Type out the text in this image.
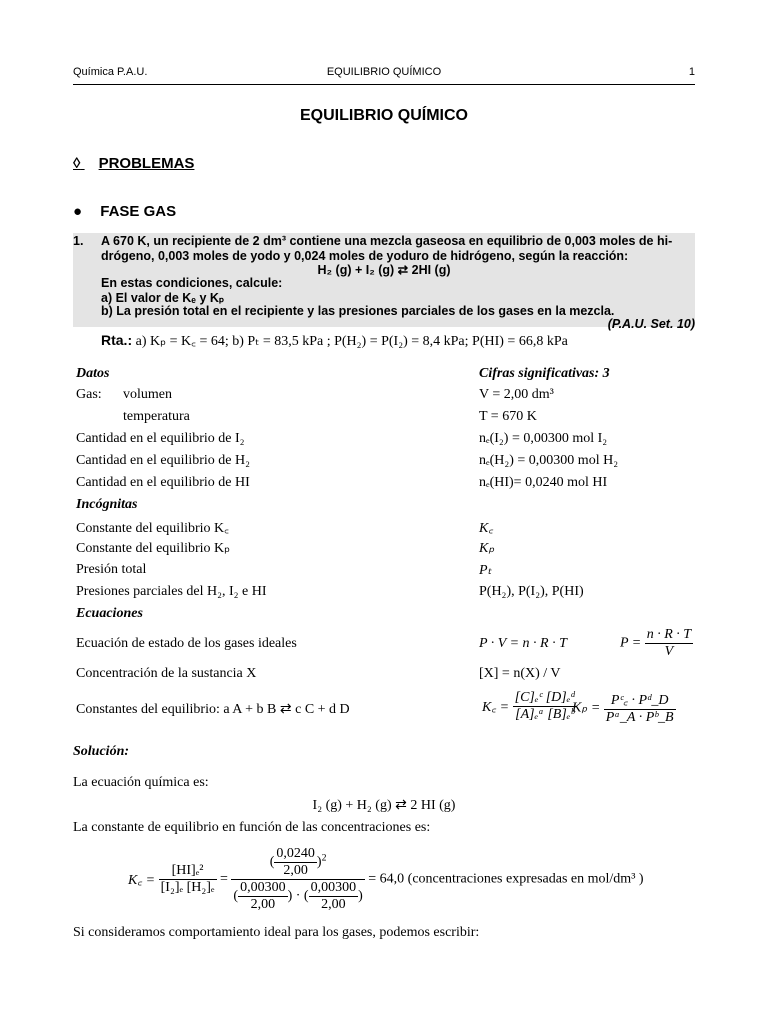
Química P.A.U.	EQUILIBRIO QUÍMICO	1
EQUILIBRIO QUÍMICO
◊ PROBLEMAS
● FASE GAS
1. A 670 K, un recipiente de 2 dm³ contiene una mezcla gaseosa en equilibrio de 0,003 moles de hi-
drógeno, 0,003 moles de yodo y 0,024 moles de yoduro de hidrógeno, según la reacción:
H₂ (g) + I₂ (g) ⇄ 2HI (g)
En estas condiciones, calcule:
a) El valor de Kₑ y Kₚ
b) La presión total en el recipiente y las presiones parciales de los gases en la mezcla.
(P.A.U. Set. 10)
Rta.: a) Kₚ = K꜀ = 64; b) Pₜ = 83,5 kPa ; P(H₂) = P(I₂) = 8,4 kPa; P(HI) = 66,8 kPa
Datos	Cifras significativas: 3
Gas: volumen	V = 2,00 dm³
temperatura	T = 670 K
Cantidad en el equilibrio de I₂	nₑ(I₂) = 0,00300 mol I₂
Cantidad en el equilibrio de H₂	nₑ(H₂) = 0,00300 mol H₂
Cantidad en el equilibrio de HI	nₑ(HI)= 0,0240 mol HI
Incógnitas
Constante del equilibrio K꜀	K꜀
Constante del equilibrio Kₚ	Kₚ
Presión total	Pₜ
Presiones parciales del H₂, I₂ e HI	P(H₂), P(I₂), P(HI)
Ecuaciones
Ecuación de estado de los gases ideales	P · V = n · R · T	$P = \frac{n \cdot R \cdot T}{V}$
Concentración de la sustancia X	[X] = n(X) / V
Constantes del equilibrio: a A + b B ⇄ c C + d D	K꜀ = $\frac{\text{[C]ₑᶜ [D]ₑᵈ}}{\text{[A]ₑᵃ [B]ₑᵇ}}$
$K_p = \frac{\text{Pᶜ꜀ · Pᵈ\_D}}{\text{Pᵃ\_A · Pᵇ\_B}}$
Solución:
La ecuación química es:
I₂ (g) + H₂ (g) ⇄ 2 HI (g)
La constante de equilibrio en función de las concentraciones es:
K꜀ = $\frac{\text{[HI]ₑ²}}{\text{[I₂]ₑ [H₂]ₑ}} = \frac{( \frac{0,0240}{2,00} )^2}{( \frac{0,00300}{2,00} ) \cdot ( \frac{0,00300}{2,00} )} = 64,0$ (concentraciones expresadas en mol/dm³ )
Si consideramos comportamiento ideal para los gases, podemos escribir:
